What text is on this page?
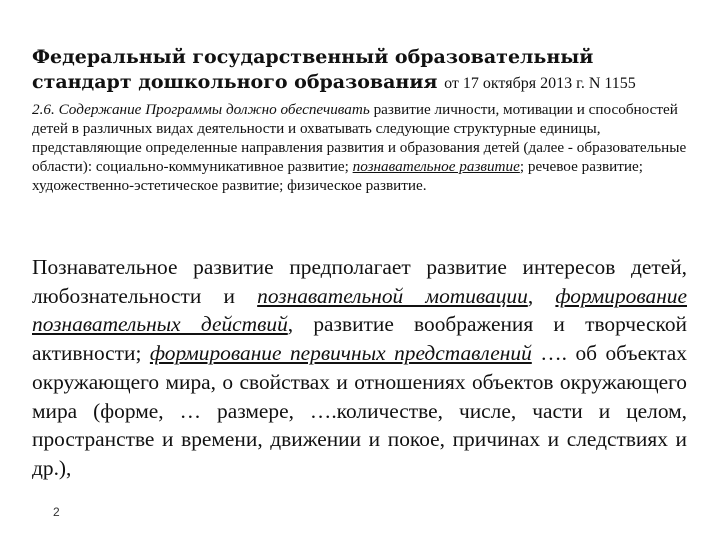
Федеральный государственный образовательный стандарт дошкольного образования от 17 октября 2013 г. N 1155

2.6. Содержание Программы должно обеспечивать развитие личности, мотивации и способностей детей в различных видах деятельности и охватывать следующие структурные единицы, представляющие определенные направления развития и образования детей (далее - образовательные области): социально-коммуникативное развитие; познавательное развитие; речевое развитие; художественно-эстетическое развитие; физическое развитие.

Познавательное развитие предполагает развитие интересов детей, любознательности и познавательной мотивации, формирование познавательных действий, развитие воображения и творческой активности; формирование первичных представлений …. об объектах окружающего мира, о свойствах и отношениях объектов окружающего мира (форме, … размере, ….количестве, числе, части и целом, пространстве и времени, движении и покое, причинах и следствиях и др.),

2
